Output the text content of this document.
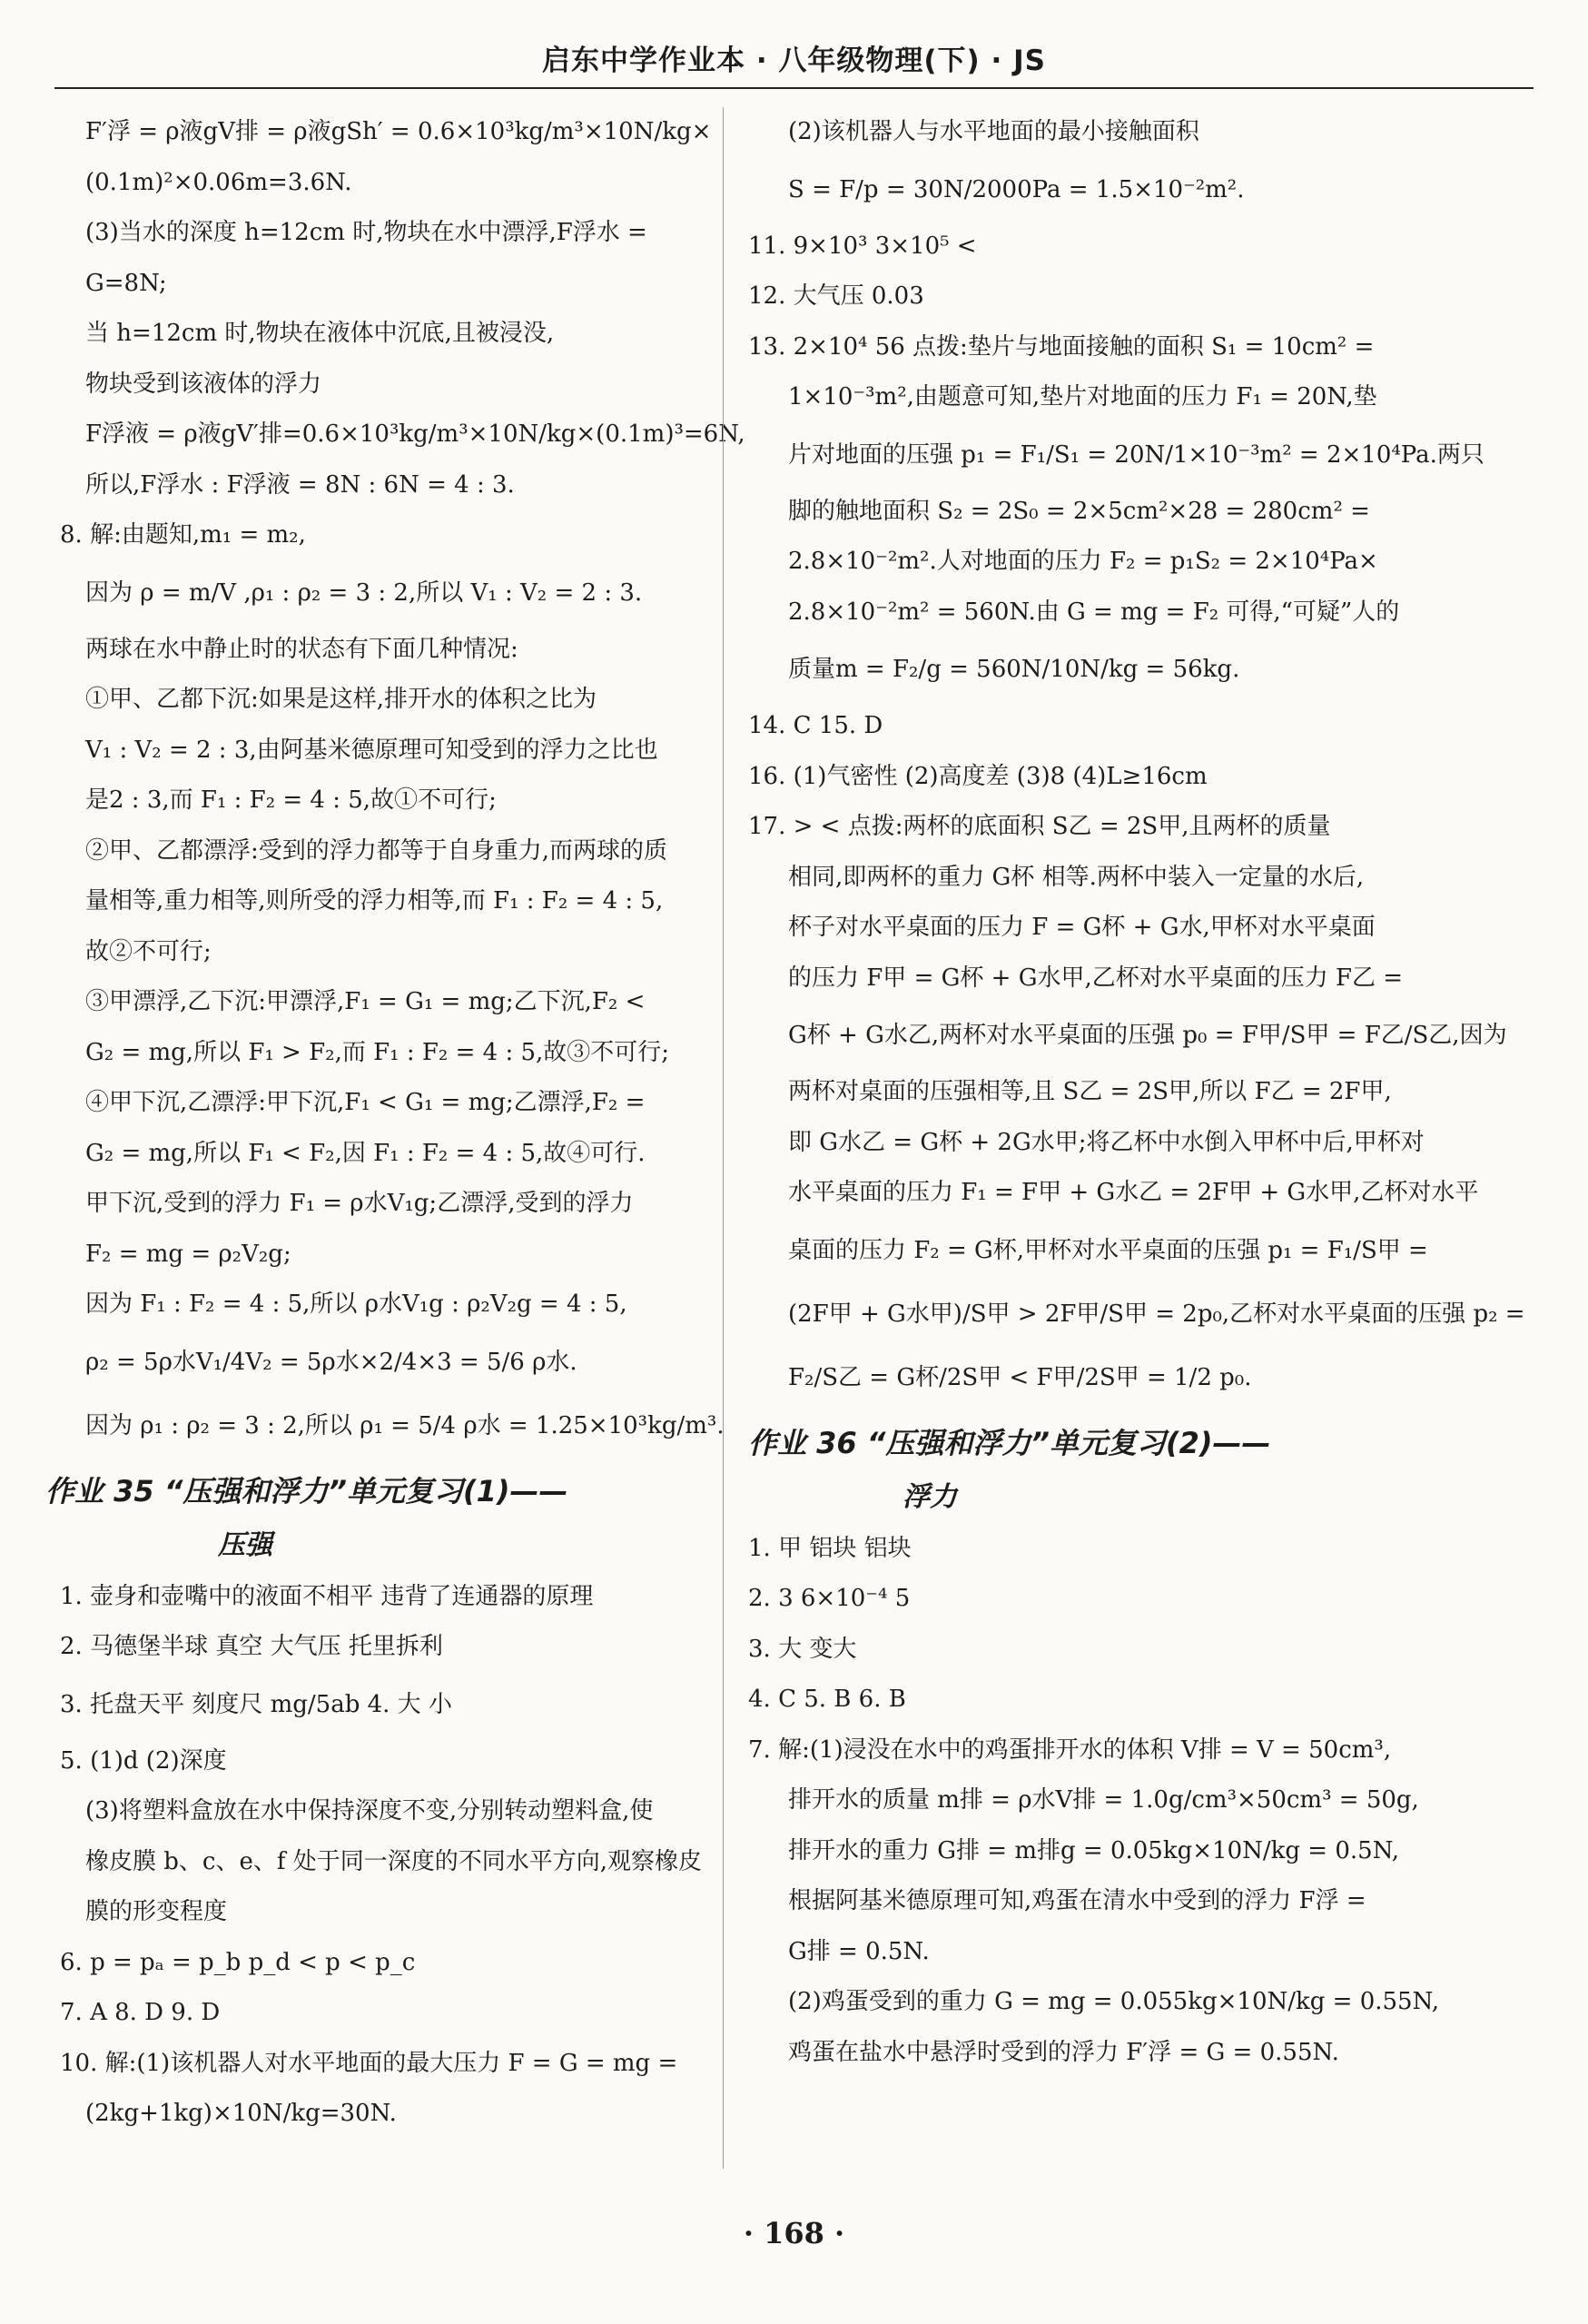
启东中学作业本 · 八年级物理(下) · JS
F′浮 = ρ液gV排 = ρ液gSh′ = 0.6×10³kg/m³×10N/kg×
(0.1m)²×0.06m=3.6N.
(3)当水的深度 h=12cm 时,物块在水中漂浮,F浮水 =
G=8N;
当 h=12cm 时,物块在液体中沉底,且被浸没,
物块受到该液体的浮力
F浮液 = ρ液gV′排=0.6×10³kg/m³×10N/kg×(0.1m)³=6N,
所以,F浮水 : F浮液 = 8N : 6N = 4 : 3.
8. 解:由题知,m₁ = m₂,
因为 ρ = m/V ,ρ₁ : ρ₂ = 3 : 2,所以 V₁ : V₂ = 2 : 3.
两球在水中静止时的状态有下面几种情况:
①甲、乙都下沉:如果是这样,排开水的体积之比为
V₁ : V₂ = 2 : 3,由阿基米德原理可知受到的浮力之比也
是2 : 3,而 F₁ : F₂ = 4 : 5,故①不可行;
②甲、乙都漂浮:受到的浮力都等于自身重力,而两球的质
量相等,重力相等,则所受的浮力相等,而 F₁ : F₂ = 4 : 5,
故②不可行;
③甲漂浮,乙下沉:甲漂浮,F₁ = G₁ = mg;乙下沉,F₂ <
G₂ = mg,所以 F₁ > F₂,而 F₁ : F₂ = 4 : 5,故③不可行;
④甲下沉,乙漂浮:甲下沉,F₁ < G₁ = mg;乙漂浮,F₂ =
G₂ = mg,所以 F₁ < F₂,因 F₁ : F₂ = 4 : 5,故④可行.
甲下沉,受到的浮力 F₁ = ρ水V₁g;乙漂浮,受到的浮力
F₂ = mg = ρ₂V₂g;
因为 F₁ : F₂ = 4 : 5,所以 ρ水V₁g : ρ₂V₂g = 4 : 5,
ρ₂ = 5ρ水V₁/4V₂ = 5ρ水×2/4×3 = 5/6 ρ水.
因为 ρ₁ : ρ₂ = 3 : 2,所以 ρ₁ = 5/4 ρ水 = 1.25×10³kg/m³.
作业 35 “压强和浮力”单元复习(1)——
压强
1. 壶身和壶嘴中的液面不相平 违背了连通器的原理
2. 马德堡半球 真空 大气压 托里拆利
3. 托盘天平 刻度尺 mg/5ab 4. 大 小
5. (1)d (2)深度
(3)将塑料盒放在水中保持深度不变,分别转动塑料盒,使
橡皮膜 b、c、e、f 处于同一深度的不同水平方向,观察橡皮
膜的形变程度
6. p = pₐ = p_b p_d < p < p_c
7. A 8. D 9. D
10. 解:(1)该机器人对水平地面的最大压力 F = G = mg =
(2kg+1kg)×10N/kg=30N.
(2)该机器人与水平地面的最小接触面积
S = F/p = 30N/2000Pa = 1.5×10⁻²m².
11. 9×10³ 3×10⁵ <
12. 大气压 0.03
13. 2×10⁴ 56 点拨:垫片与地面接触的面积 S₁ = 10cm² =
1×10⁻³m²,由题意可知,垫片对地面的压力 F₁ = 20N,垫
片对地面的压强 p₁ = F₁/S₁ = 20N/1×10⁻³m² = 2×10⁴Pa.两只
脚的触地面积 S₂ = 2S₀ = 2×5cm²×28 = 280cm² =
2.8×10⁻²m².人对地面的压力 F₂ = p₁S₂ = 2×10⁴Pa×
2.8×10⁻²m² = 560N.由 G = mg = F₂ 可得,“可疑”人的
质量m = F₂/g = 560N/10N/kg = 56kg.
14. C 15. D
16. (1)气密性 (2)高度差 (3)8 (4)L≥16cm
17. > < 点拨:两杯的底面积 S乙 = 2S甲,且两杯的质量
相同,即两杯的重力 G杯 相等.两杯中装入一定量的水后,
杯子对水平桌面的压力 F = G杯 + G水,甲杯对水平桌面
的压力 F甲 = G杯 + G水甲,乙杯对水平桌面的压力 F乙 =
G杯 + G水乙,两杯对水平桌面的压强 p₀ = F甲/S甲 = F乙/S乙,因为
两杯对桌面的压强相等,且 S乙 = 2S甲,所以 F乙 = 2F甲,
即 G水乙 = G杯 + 2G水甲;将乙杯中水倒入甲杯中后,甲杯对
水平桌面的压力 F₁ = F甲 + G水乙 = 2F甲 + G水甲,乙杯对水平
桌面的压力 F₂ = G杯,甲杯对水平桌面的压强 p₁ = F₁/S甲 =
(2F甲 + G水甲)/S甲 > 2F甲/S甲 = 2p₀,乙杯对水平桌面的压强 p₂ =
F₂/S乙 = G杯/2S甲 < F甲/2S甲 = 1/2 p₀.
作业 36 “压强和浮力”单元复习(2)——
浮力
1. 甲 铝块 铝块
2. 3 6×10⁻⁴ 5
3. 大 变大
4. C 5. B 6. B
7. 解:(1)浸没在水中的鸡蛋排开水的体积 V排 = V = 50cm³,
排开水的质量 m排 = ρ水V排 = 1.0g/cm³×50cm³ = 50g,
排开水的重力 G排 = m排g = 0.05kg×10N/kg = 0.5N,
根据阿基米德原理可知,鸡蛋在清水中受到的浮力 F浮 =
G排 = 0.5N.
(2)鸡蛋受到的重力 G = mg = 0.055kg×10N/kg = 0.55N,
鸡蛋在盐水中悬浮时受到的浮力 F′浮 = G = 0.55N.
· 168 ·
